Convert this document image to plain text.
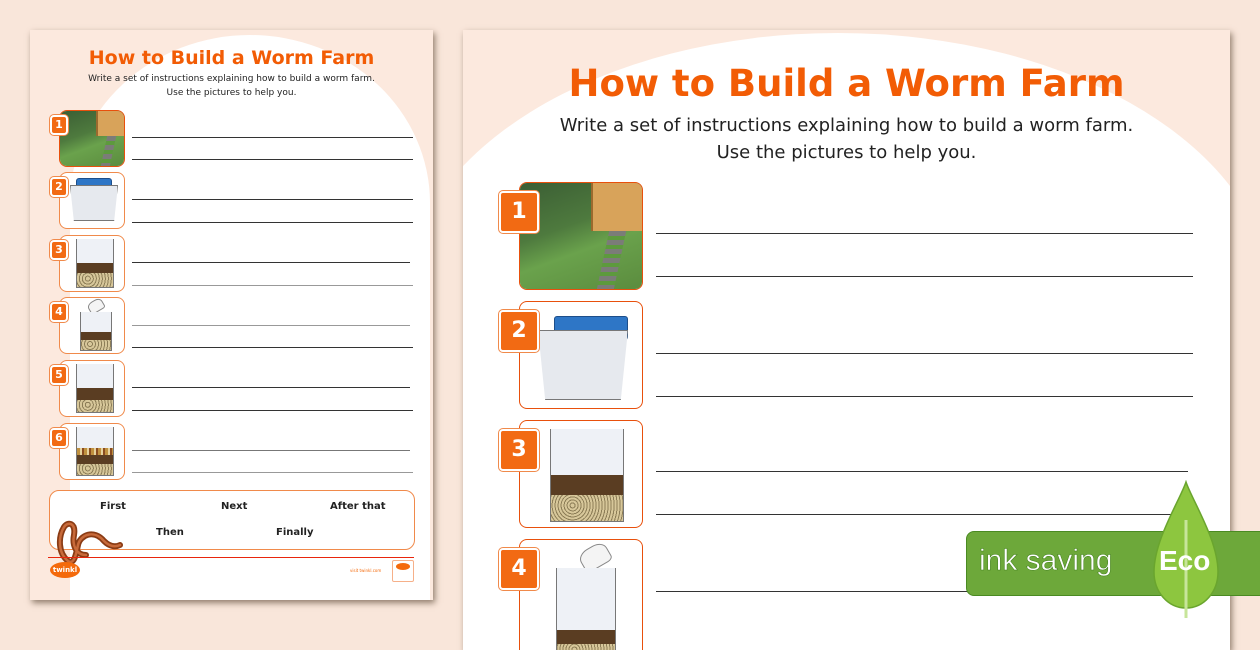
How to Build a Worm Farm
Write a set of instructions explaining how to build a worm farm.
Use the pictures to help you.
1
2
3
4
5
6
First	Next	After that
Then	Finally
twinkl	visit twinkl.com
How to Build a Worm Farm
Write a set of instructions explaining how to build a worm farm.
Use the pictures to help you.
1
2
3
4	ink saving Eco
